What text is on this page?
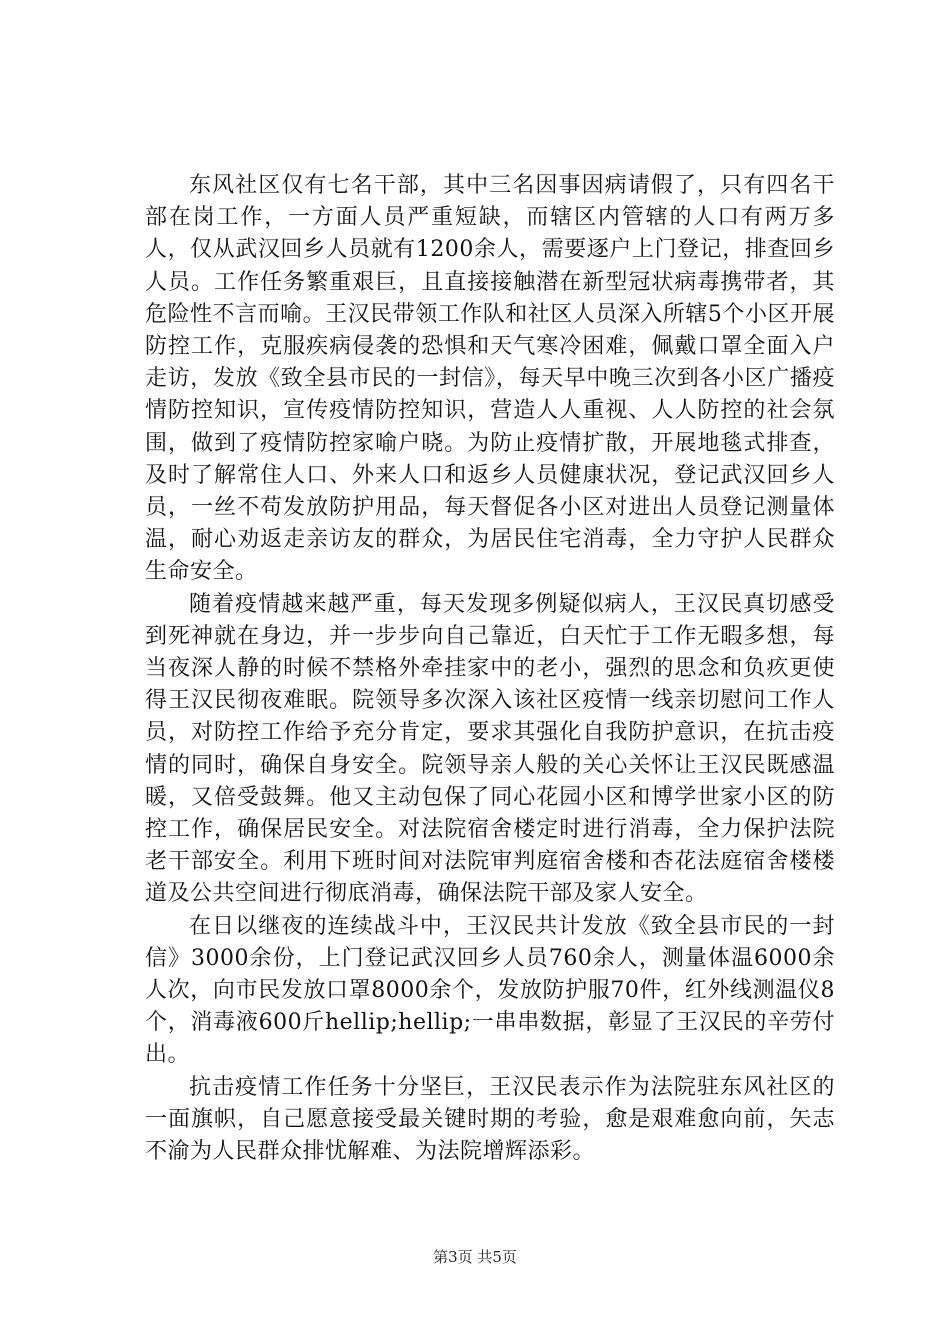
东风社区仅有七名干部，其中三名因事因病请假了，只有四名干部在岗工作，一方面人员严重短缺，而辖区内管辖的人口有两万多人，仅从武汉回乡人员就有1200余人，需要逐户上门登记，排查回乡人员。工作任务繁重艰巨，且直接接触潜在新型冠状病毒携带者，其危险性不言而喻。王汉民带领工作队和社区人员深入所辖5个小区开展防控工作，克服疾病侵袭的恐惧和天气寒冷困难，佩戴口罩全面入户走访，发放《致全县市民的一封信》，每天早中晚三次到各小区广播疫情防控知识，宣传疫情防控知识，营造人人重视、人人防控的社会氛围，做到了疫情防控家喻户晓。为防止疫情扩散，开展地毯式排查，及时了解常住人口、外来人口和返乡人员健康状况，登记武汉回乡人员，一丝不苟发放防护用品，每天督促各小区对进出人员登记测量体温，耐心劝返走亲访友的群众，为居民住宅消毒，全力守护人民群众生命安全。

随着疫情越来越严重，每天发现多例疑似病人，王汉民真切感受到死神就在身边，并一步步向自己靠近，白天忙于工作无暇多想，每当夜深人静的时候不禁格外牵挂家中的老小，强烈的思念和负疚更使得王汉民彻夜难眠。院领导多次深入该社区疫情一线亲切慰问工作人员，对防控工作给予充分肯定，要求其强化自我防护意识，在抗击疫情的同时，确保自身安全。院领导亲人般的关心关怀让王汉民既感温暖，又倍受鼓舞。他又主动包保了同心花园小区和博学世家小区的防控工作，确保居民安全。对法院宿舍楼定时进行消毒，全力保护法院老干部安全。利用下班时间对法院审判庭宿舍楼和杏花法庭宿舍楼楼道及公共空间进行彻底消毒，确保法院干部及家人安全。

在日以继夜的连续战斗中，王汉民共计发放《致全县市民的一封信》3000余份，上门登记武汉回乡人员760余人，测量体温6000余人次，向市民发放口罩8000余个，发放防护服70件，红外线测温仪8个，消毒液600斤hellip;hellip;一串串数据，彰显了王汉民的辛劳付出。

抗击疫情工作任务十分坚巨，王汉民表示作为法院驻东风社区的一面旗帜，自己愿意接受最关键时期的考验，愈是艰难愈向前，矢志不渝为人民群众排忧解难、为法院增辉添彩。

第3页 共5页
